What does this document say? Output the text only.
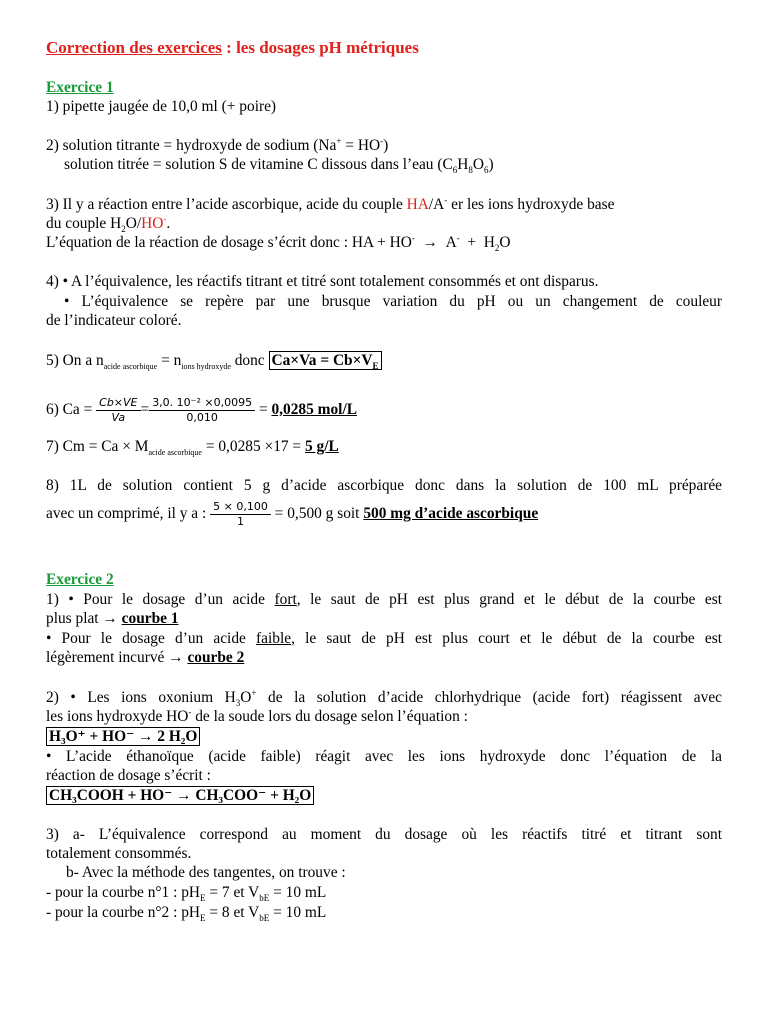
Correction des exercices : les dosages pH métriques
Exercice 1
1) pipette jaugée de 10,0 ml (+ poire)
2) solution titrante = hydroxyde de sodium (Na+ = HO-)
solution titrée = solution S de vitamine C dissous dans l’eau $(C_6H_8O_6)$
3) Il y a réaction entre l’acide ascorbique, acide du couple HA/A- er les ions hydroxyde base
du couple $H_2O/HO^-$.
L’équation de la réaction de dosage s’écrit donc : HA + $HO^- \to A^- + H_2O$
4) • A l’équivalence, les réactifs titrant et titré sont totalement consommés et ont disparus.
• L’équivalence se repère par une brusque variation du pH ou un changement de couleur
de l’indicateur coloré.
5) On a $n_{acide ascorbique} = n_{ions hydroxyde}$ donc $Ca\times Va = Cb\times V_E$
6) $Ca = \frac{Cb\times VE}{Va} = \frac{\text{3,0. 10⁻² ×0,0095}}{0,010} = 0,0285$ mol/L
7) $Cm = Ca \times M_{acide ascorbique} = 0,0285 \times 17 = 5$ g/L
8) 1L de solution contient 5 g d’acide ascorbique donc dans la solution de 100 mL préparée
avec un comprimé, il y a : $\frac{5 \times 0,100}{1} = 0,500$ g soit 500 mg d’acide ascorbique
Exercice 2
1) • Pour le dosage d’un acide fort, le saut de pH est plus grand et le début de la courbe est
plus plat → courbe 1
• Pour le dosage d’un acide faible, le saut de pH est plus court et le début de la courbe est
légèrement incurvé → courbe 2
2) • Les ions oxonium $H_3O^+$ de la solution d’acide chlorhydrique (acide fort) réagissent avec
les ions hydroxyde HO- de la soude lors du dosage selon l’équation :
H₃O⁺ + HO⁻ → 2 H₂O
• L’acide éthanoïque (acide faible) réagit avec les ions hydroxyde donc l’équation de la
réaction de dosage s’écrit :
CH₃COOH + HO⁻ → CH₃COO⁻ + H₂O
3) a- L’équivalence correspond au moment du dosage où les réactifs titré et titrant sont
totalement consommés.
b- Avec la méthode des tangentes, on trouve :
- pour la courbe n°1 : $pH_E = 7$ et $V_{bE} = 10$ mL
- pour la courbe n°2 : $pH_E = 8$ et $V_{bE} = 10$ mL
